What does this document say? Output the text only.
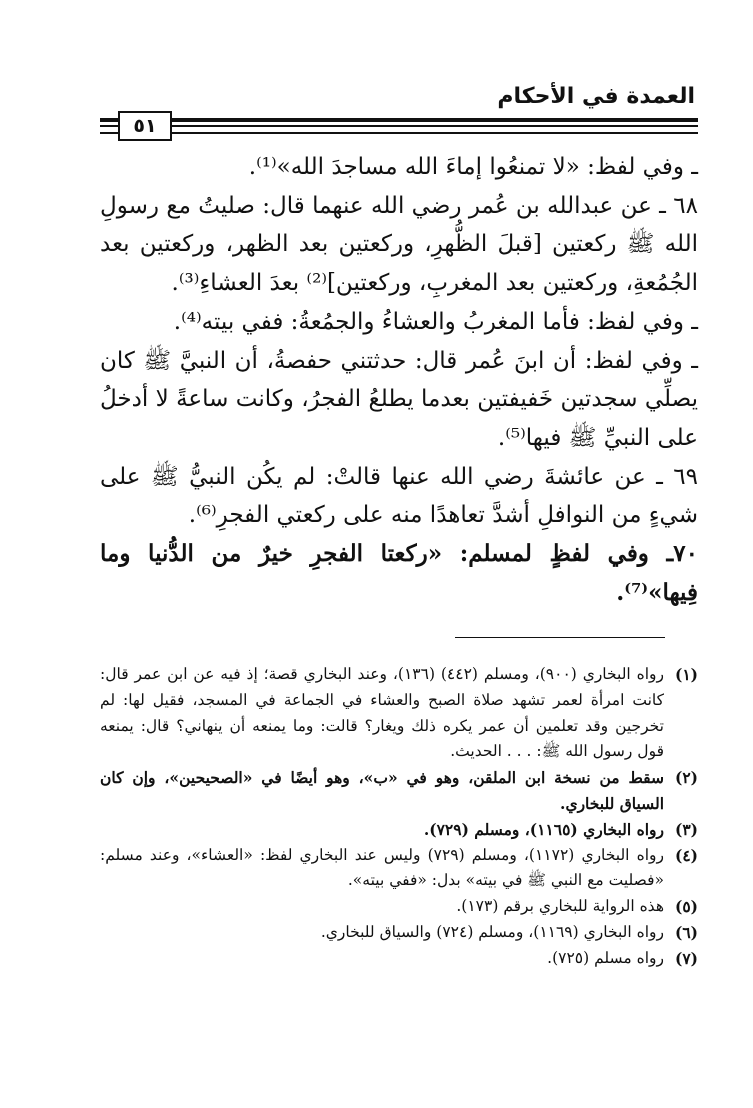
العمدة في الأحكام
٥١

ـ وفي لفظ: «لا تمنعُوا إماءَ الله مساجدَ الله»⁽¹⁾.

٦٨ ـ عن عبدالله بن عُمر رضي الله عنهما قال: صليتُ مع رسولِ الله ﷺ ركعتين [قبلَ الظُّهرِ، وركعتين بعد الظهر، وركعتين بعد الجُمُعةِ، وركعتين بعد المغربِ، وركعتين]⁽²⁾ بعدَ العشاءِ⁽³⁾.

ـ وفي لفظ: فأما المغربُ والعشاءُ والجمُعةُ: ففي بيته⁽⁴⁾.

ـ وفي لفظ: أن ابنَ عُمر قال: حدثتني حفصةُ، أن النبيَّ ﷺ كان يصلِّي سجدتين خَفيفتين بعدما يطلعُ الفجرُ، وكانت ساعةً لا أدخلُ على النبيِّ ﷺ فيها⁽⁵⁾.

٦٩ ـ عن عائشةَ رضي الله عنها قالتْ: لم يكُن النبيُّ ﷺ على شيءٍ من النوافلِ أشدَّ تعاهدًا منه على ركعتي الفجرِ⁽⁶⁾.

٧٠ـ وفي لفظٍ لمسلم: «ركعتا الفجرِ خيرٌ من الدُّنيا وما فِيها»⁽⁷⁾.

(١)
رواه البخاري (٩٠٠)، ومسلم (٤٤٢) (١٣٦)، وعند البخاري قصة؛ إذ فيه عن ابن عمر قال: كانت امرأة لعمر تشهد صلاة الصبح والعشاء في الجماعة في المسجد، فقيل لها: لم تخرجين وقد تعلمين أن عمر يكره ذلك ويغار؟ قالت: وما يمنعه أن ينهاني؟ قال: يمنعه قول رسول الله ﷺ: . . . الحديث.
(٢)
سقط من نسخة ابن الملقن، وهو في «ب»، وهو أيضًا في «الصحيحين»، وإن كان السياق للبخاري.
(٣)
رواه البخاري (١١٦٥)، ومسلم (٧٢٩).
(٤)
رواه البخاري (١١٧٢)، ومسلم (٧٢٩) وليس عند البخاري لفظ: «العشاء»، وعند مسلم: «فصليت مع النبي ﷺ في بيته» بدل: «ففي بيته».
(٥)
هذه الرواية للبخاري برقم (١٧٣).
(٦)
رواه البخاري (١١٦٩)، ومسلم (٧٢٤) والسياق للبخاري.
(٧)
رواه مسلم (٧٢٥).
